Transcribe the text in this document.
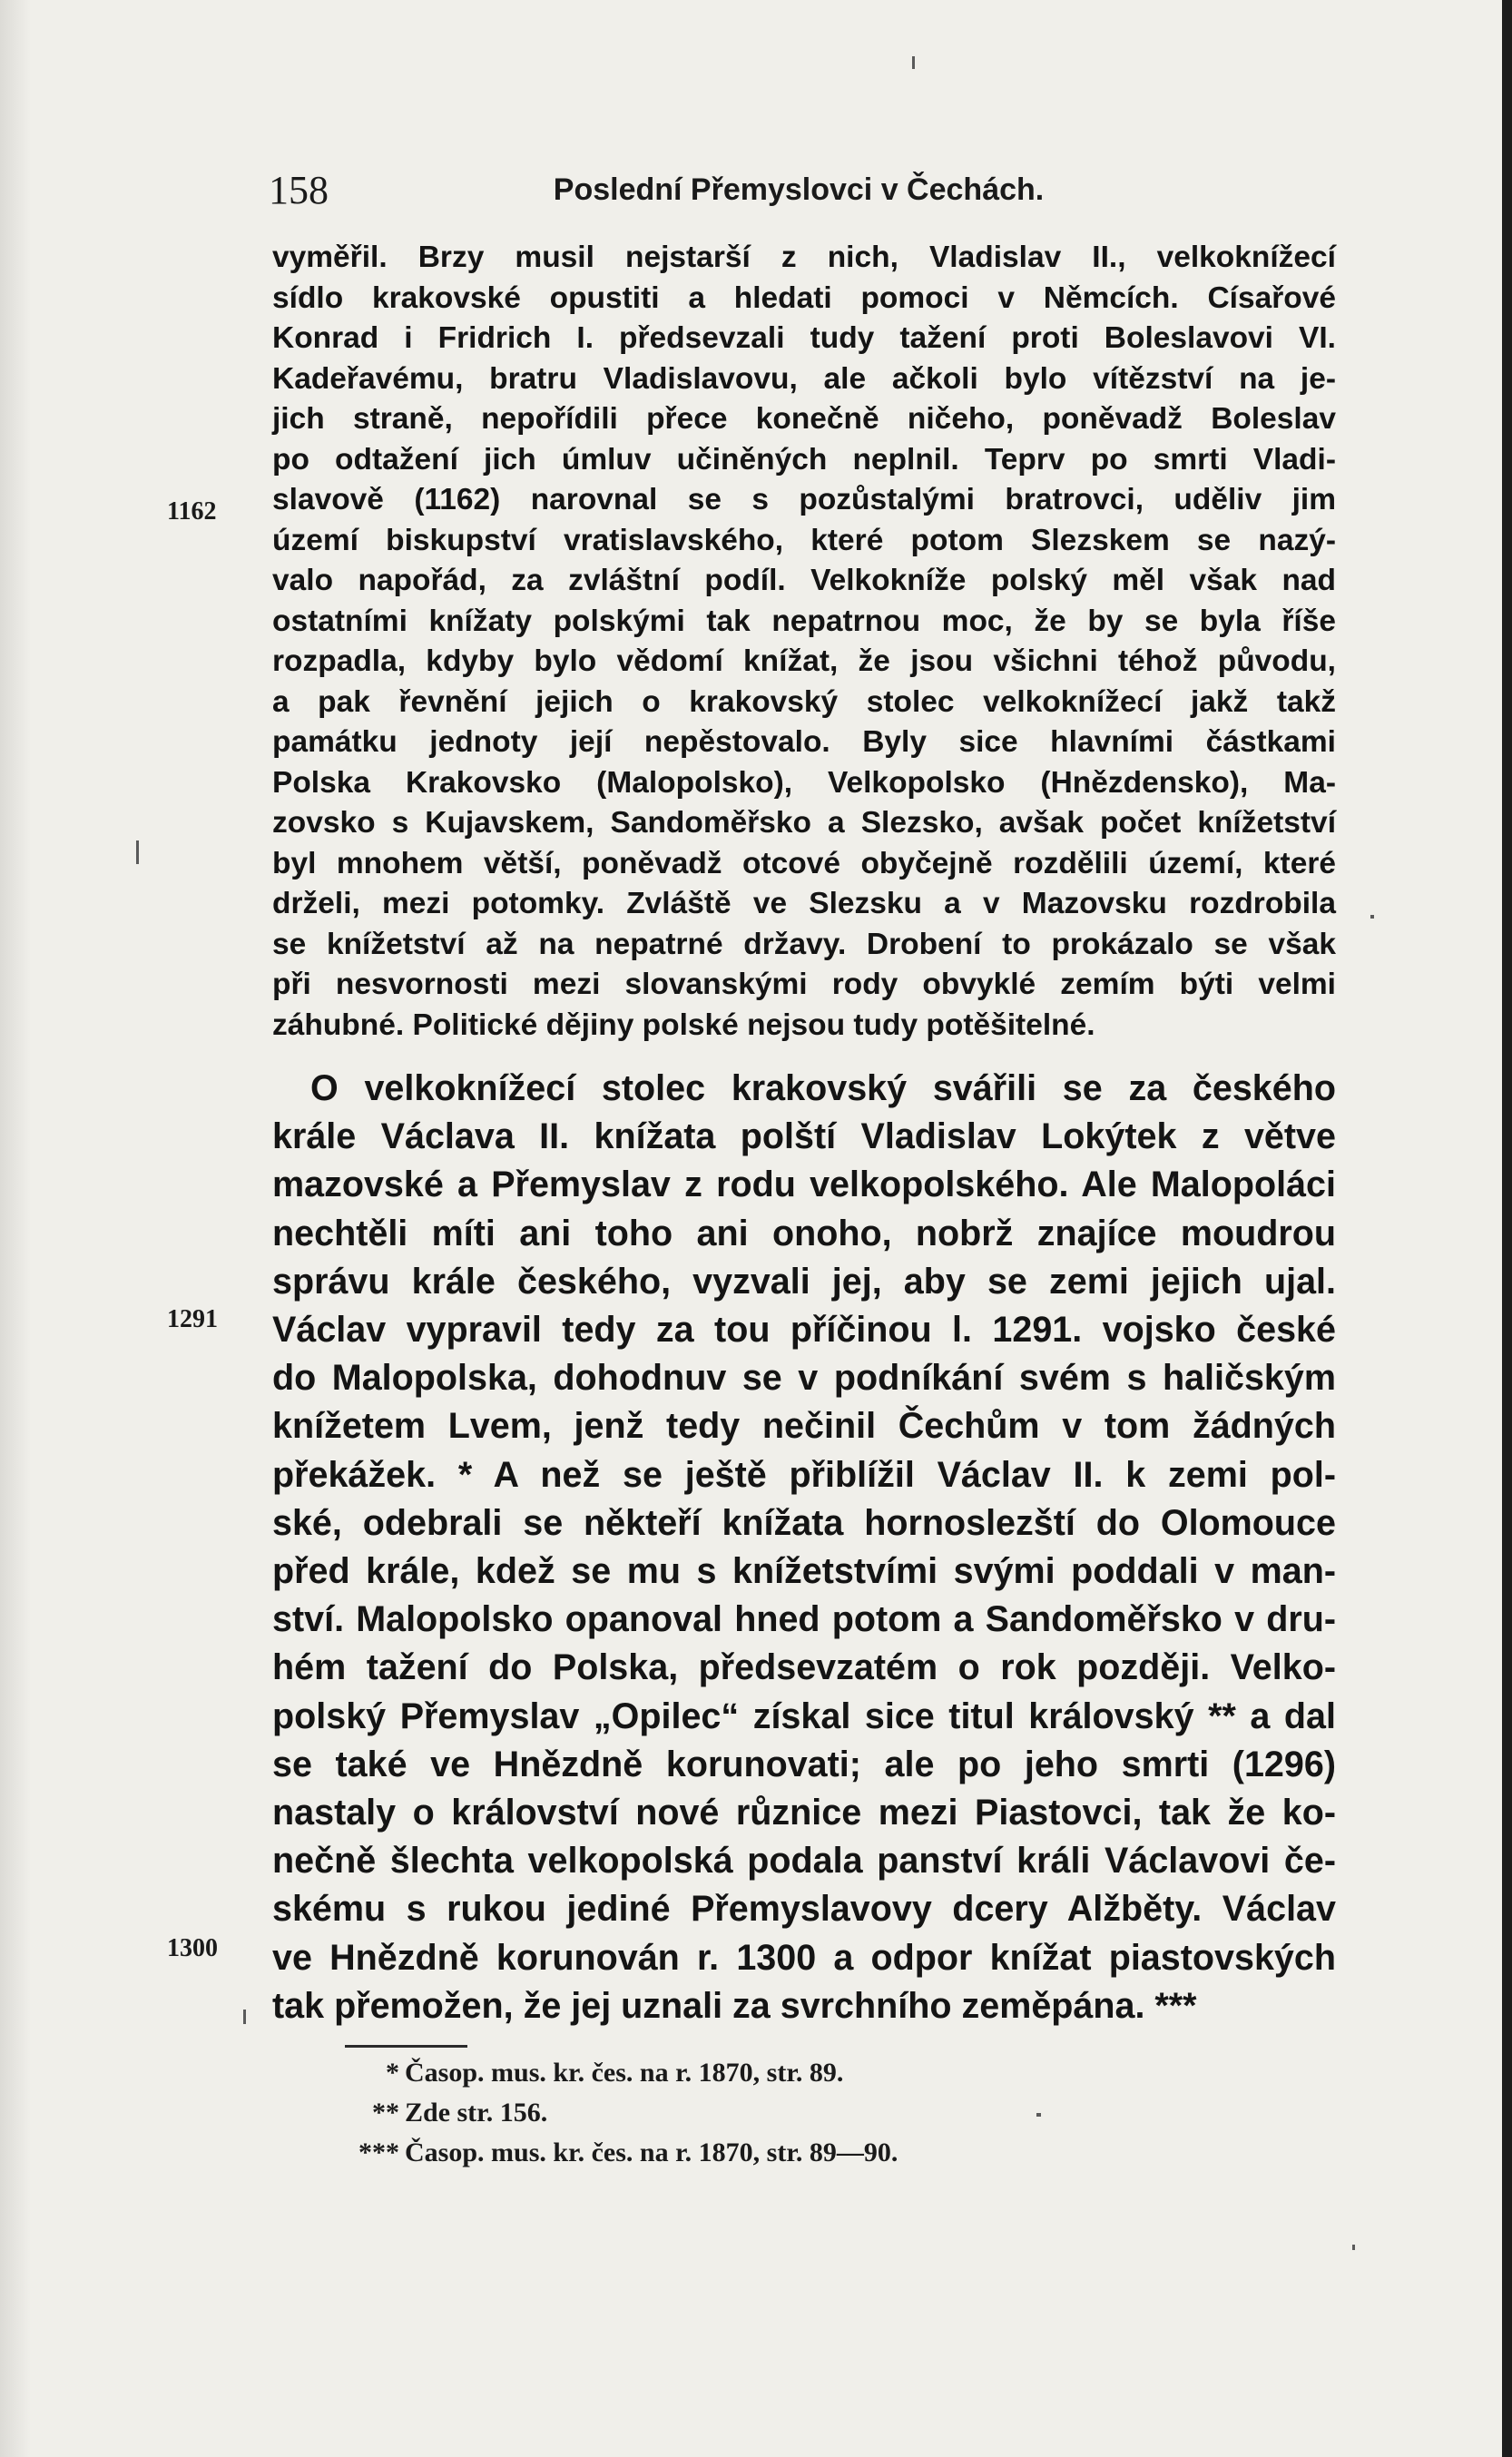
158	Poslední Přemyslovci v Čechách.
1162
1291
1300
vyměřil. Brzy musil nejstarší z nich, Vladislav II., velkoknížecí
sídlo krakovské opustiti a hledati pomoci v Němcích. Císařové
Konrad i Fridrich I. předsevzali tudy tažení proti Boleslavovi VI.
Kadeřavému, bratru Vladislavovu, ale ačkoli bylo vítězství na je-
jich straně, nepořídili přece konečně ničeho, poněvadž Boleslav
po odtažení jich úmluv učiněných neplnil. Teprv po smrti Vladi-
slavově (1162) narovnal se s pozůstalými bratrovci, uděliv jim
území biskupství vratislavského, které potom Slezskem se nazý-
valo napořád, za zvláštní podíl. Velkokníže polský měl však nad
ostatními knížaty polskými tak nepatrnou moc, že by se byla říše
rozpadla, kdyby bylo vědomí knížat, že jsou všichni téhož původu,
a pak řevnění jejich o krakovský stolec velkoknížecí jakž takž
památku jednoty její nepěstovalo. Byly sice hlavními částkami
Polska Krakovsko (Malopolsko), Velkopolsko (Hnězdensko), Ma-
zovsko s Kujavskem, Sandoměřsko a Slezsko, avšak počet knížetství
byl mnohem větší, poněvadž otcové obyčejně rozdělili území, které
drželi, mezi potomky. Zvláště ve Slezsku a v Mazovsku rozdrobila
se knížetství až na nepatrné državy. Drobení to prokázalo se však
při nesvornosti mezi slovanskými rody obvyklé zemím býti velmi
záhubné. Politické dějiny polské nejsou tudy potěšitelné.
O velkoknížecí stolec krakovský svářili se za českého
krále Václava II. knížata polští Vladislav Lokýtek z větve
mazovské a Přemyslav z rodu velkopolského. Ale Malopoláci
nechtěli míti ani toho ani onoho, nobrž znajíce moudrou
správu krále českého, vyzvali jej, aby se zemi jejich ujal.
Václav vypravil tedy za tou příčinou l. 1291. vojsko české
do Malopolska, dohodnuv se v podníkání svém s haličským
knížetem Lvem, jenž tedy nečinil Čechům v tom žádných
překážek. * A než se ještě přiblížil Václav II. k zemi pol-
ské, odebrali se někteří knížata hornoslezští do Olomouce
před krále, kdež se mu s knížetstvími svými poddali v man-
ství. Malopolsko opanoval hned potom a Sandoměřsko v dru-
hém tažení do Polska, předsevzatém o rok později. Velko-
polský Přemyslav „Opilec“ získal sice titul královský ** a dal
se také ve Hnězdně korunovati; ale po jeho smrti (1296)
nastaly o království nové různice mezi Piastovci, tak že ko-
nečně šlechta velkopolská podala panství králi Václavovi če-
skému s rukou jediné Přemyslavovy dcery Alžběty. Václav
ve Hnězdně korunován r. 1300 a odpor knížat piastovských
tak přemožen, že jej uznali za svrchního zeměpána. ***
* Časop. mus. kr. čes. na r. 1870, str. 89.
** Zde str. 156.
*** Časop. mus. kr. čes. na r. 1870, str. 89—90.
